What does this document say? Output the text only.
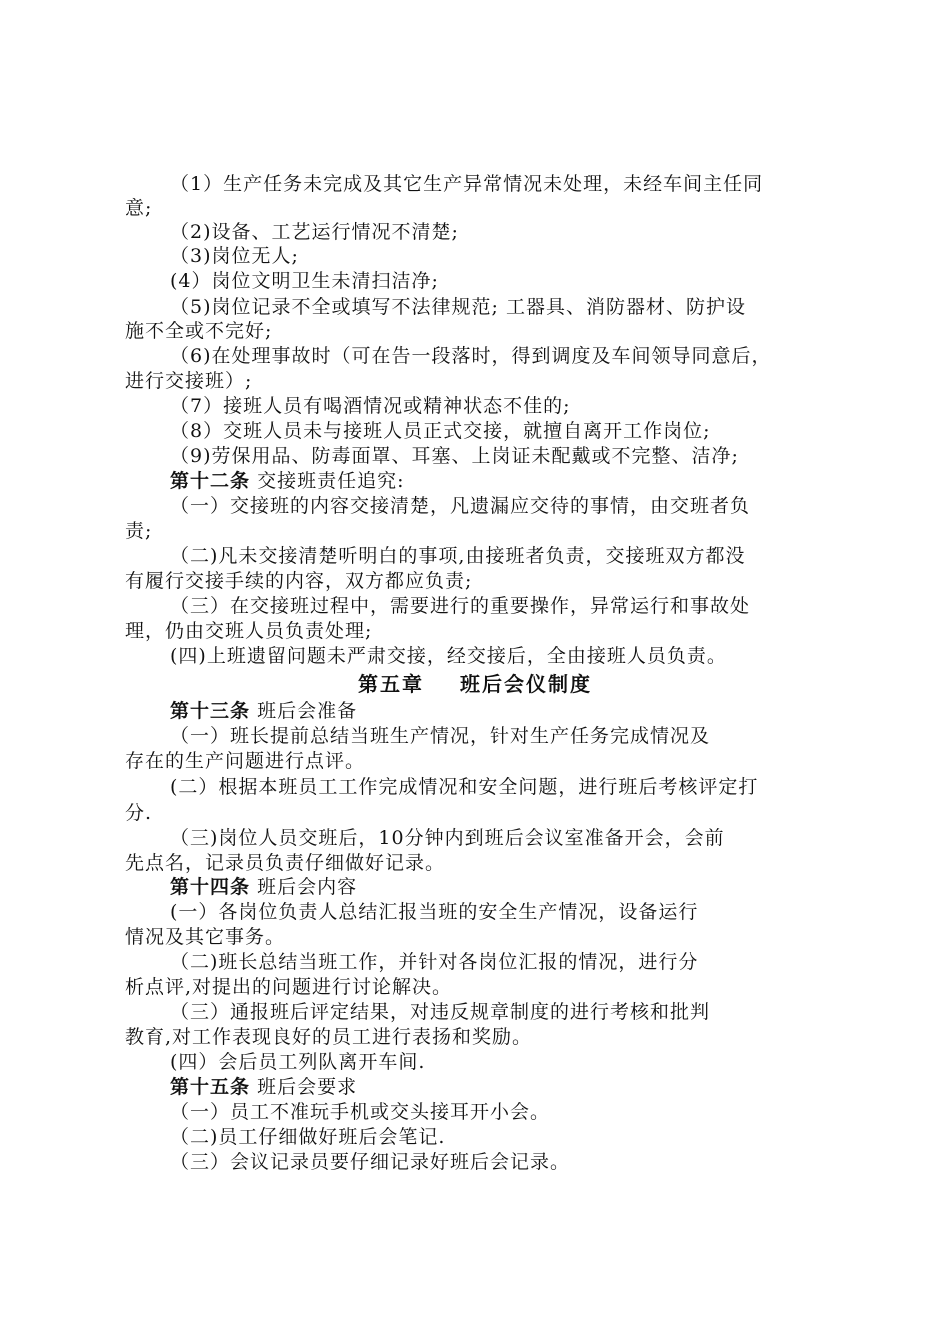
（1）生产任务未完成及其它生产异常情况未处理，未经车间主任同
意;
（2)设备、工艺运行情况不清楚;
（3)岗位无人;
(4）岗位文明卫生未清扫洁净;
（5)岗位记录不全或填写不法律规范; 工器具、消防器材、防护设
施不全或不完好;
（6)在处理事故时（可在告一段落时，得到调度及车间领导同意后，
进行交接班）;
（7）接班人员有喝酒情况或精神状态不佳的;
（8）交班人员未与接班人员正式交接，就擅自离开工作岗位;
（9)劳保用品、防毒面罩、耳塞、上岗证未配戴或不完整、洁净;
第十二条 交接班责任追究:
（一）交接班的内容交接清楚，凡遗漏应交待的事情，由交班者负
责;
（二)凡未交接清楚听明白的事项,由接班者负责，交接班双方都没
有履行交接手续的内容，双方都应负责;
（三）在交接班过程中，需要进行的重要操作，异常运行和事故处
理，仍由交班人员负责处理;
(四)上班遗留问题未严肃交接，经交接后，全由接班人员负责。
第五章 班后会仪制度
第十三条 班后会准备
（一）班长提前总结当班生产情况，针对生产任务完成情况及
存在的生产问题进行点评。
(二）根据本班员工工作完成情况和安全问题，进行班后考核评定打
分.
（三)岗位人员交班后，10分钟内到班后会议室准备开会，会前
先点名，记录员负责仔细做好记录。
第十四条 班后会内容
(一）各岗位负责人总结汇报当班的安全生产情况，设备运行
情况及其它事务。
（二)班长总结当班工作，并针对各岗位汇报的情况，进行分
析点评,对提出的问题进行讨论解决。
（三）通报班后评定结果，对违反规章制度的进行考核和批判
教育,对工作表现良好的员工进行表扬和奖励。
(四）会后员工列队离开车间.
第十五条 班后会要求
（一）员工不准玩手机或交头接耳开小会。
（二)员工仔细做好班后会笔记.
（三）会议记录员要仔细记录好班后会记录。
